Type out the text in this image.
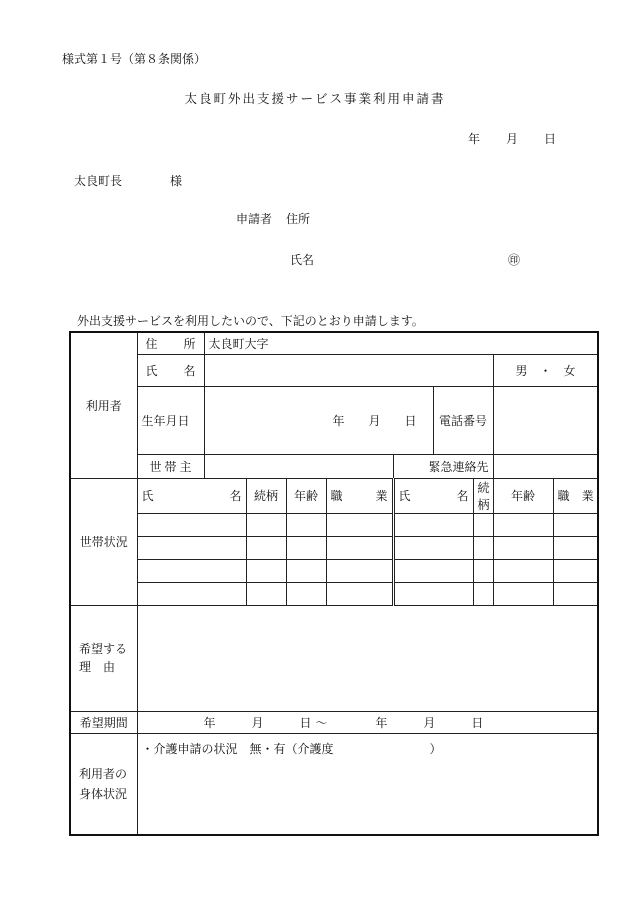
様式第１号（第８条関係）
太良町外出支援サービス事業利用申請書
年 月 日
太良町長	様
申請者 住所
氏名	㊞
外出支援サービスを利用したいので、下記のとおり申請します。
利用者	住 所	太良町大字								

	氏 名								男　・　女	
	生年月日	年　　月　　日					電話番号			

	世 帯 主					緊急連絡先				
世帯状況	氏 名		続柄	年齢	職 業	氏 名		続柄	年齢	職 業

希望する
理　由										

希望期間	年　　　月　　　日 ～　　　　年　　　月　　　日									

利用者の
身体状況	・介護申請の状況　無・有（介護度　　　　　　　　）									
